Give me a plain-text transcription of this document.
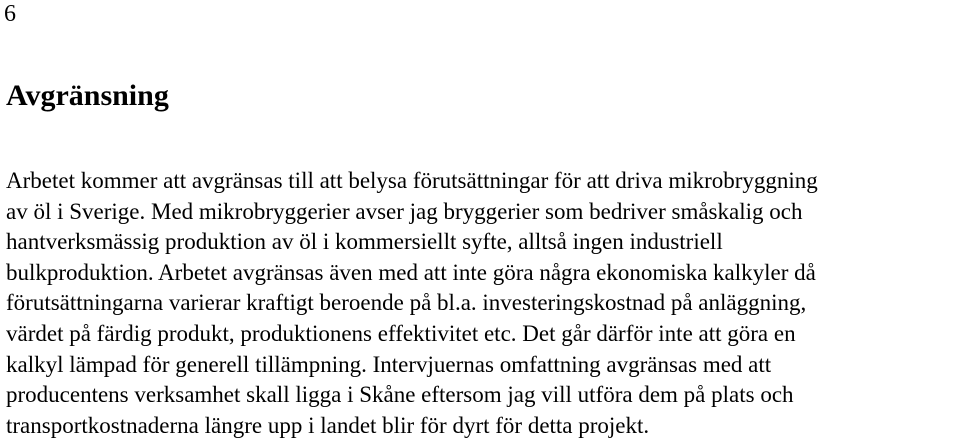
6
Avgränsning
Arbetet kommer att avgränsas till att belysa förutsättningar för att driva mikrobryggning
av öl i Sverige. Med mikrobryggerier avser jag bryggerier som bedriver småskalig och
hantverksmässig produktion av öl i kommersiellt syfte, alltså ingen industriell
bulkproduktion. Arbetet avgränsas även med att inte göra några ekonomiska kalkyler då
förutsättningarna varierar kraftigt beroende på bl.a. investeringskostnad på anläggning,
värdet på färdig produkt, produktionens effektivitet etc. Det går därför inte att göra en
kalkyl lämpad för generell tillämpning. Intervjuernas omfattning avgränsas med att
producentens verksamhet skall ligga i Skåne eftersom jag vill utföra dem på plats och
transportkostnaderna längre upp i landet blir för dyrt för detta projekt.
